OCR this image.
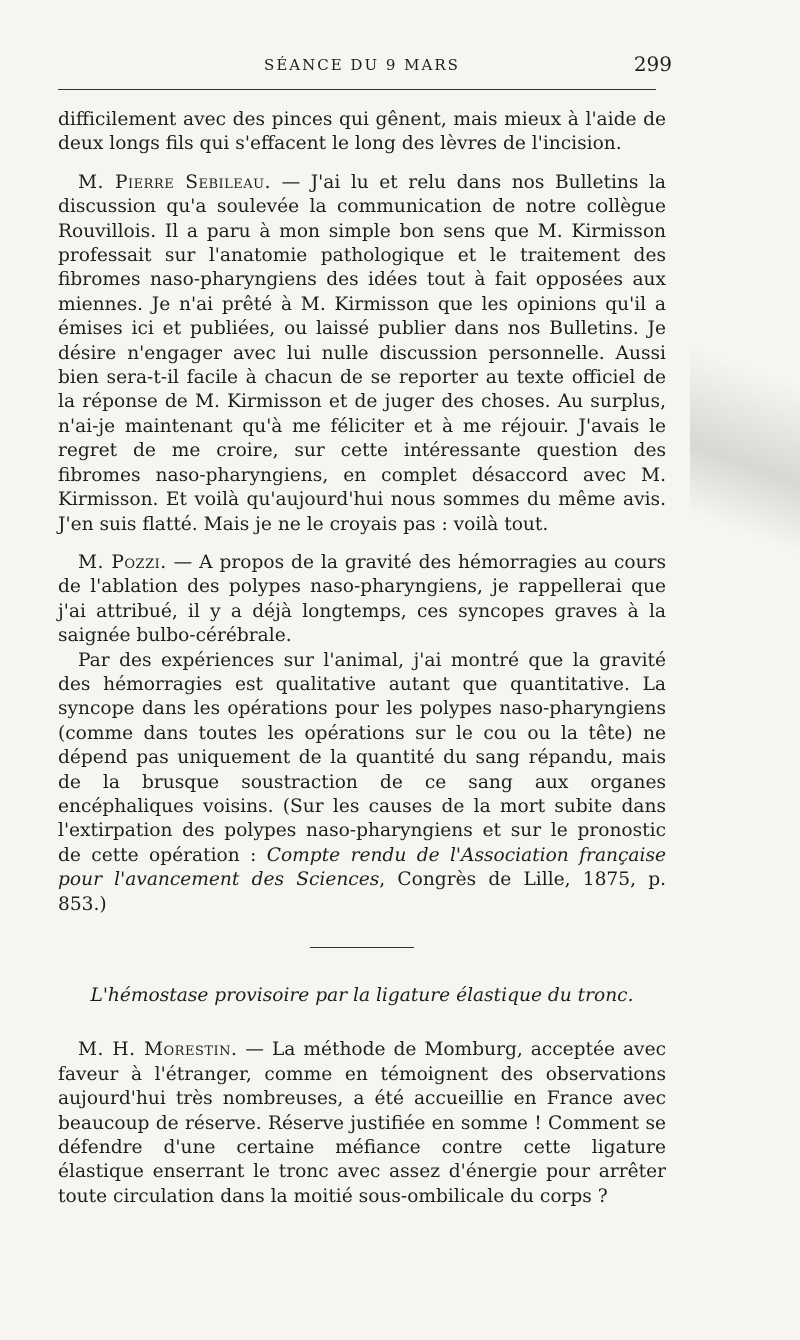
SÉANCE DU 9 MARS	299

difficilement avec des pinces qui gênent, mais mieux à l'aide de deux longs fils qui s'effacent le long des lèvres de l'incision.

M. Pierre Sebileau. — J'ai lu et relu dans nos Bulletins la discussion qu'a soulevée la communication de notre collègue Rouvillois. Il a paru à mon simple bon sens que M. Kirmisson professait sur l'anatomie pathologique et le traitement des fibromes naso-pharyngiens des idées tout à fait opposées aux miennes. Je n'ai prêté à M. Kirmisson que les opinions qu'il a émises ici et publiées, ou laissé publier dans nos Bulletins. Je désire n'engager avec lui nulle discussion personnelle. Aussi bien sera-t-il facile à chacun de se reporter au texte officiel de la réponse de M. Kirmisson et de juger des choses. Au surplus, n'ai-je maintenant qu'à me féliciter et à me réjouir. J'avais le regret de me croire, sur cette intéressante question des fibromes naso-pharyngiens, en complet désaccord avec M. Kirmisson. Et voilà qu'aujourd'hui nous sommes du même avis. J'en suis flatté. Mais je ne le croyais pas : voilà tout.

M. Pozzi. — A propos de la gravité des hémorragies au cours de l'ablation des polypes naso-pharyngiens, je rappellerai que j'ai attribué, il y a déjà longtemps, ces syncopes graves à la saignée bulbo-cérébrale.

Par des expériences sur l'animal, j'ai montré que la gravité des hémorragies est qualitative autant que quantitative. La syncope dans les opérations pour les polypes naso-pharyngiens (comme dans toutes les opérations sur le cou ou la tête) ne dépend pas uniquement de la quantité du sang répandu, mais de la brusque soustraction de ce sang aux organes encéphaliques voisins. (Sur les causes de la mort subite dans l'extirpation des polypes naso-pharyngiens et sur le pronostic de cette opération : Compte rendu de l'Association française pour l'avancement des Sciences, Congrès de Lille, 1875, p. 853.)

L'hémostase provisoire par la ligature élastique du tronc.

M. H. Morestin. — La méthode de Momburg, acceptée avec faveur à l'étranger, comme en témoignent des observations aujourd'hui très nombreuses, a été accueillie en France avec beaucoup de réserve. Réserve justifiée en somme ! Comment se défendre d'une certaine méfiance contre cette ligature élastique enserrant le tronc avec assez d'énergie pour arrêter toute circulation dans la moitié sous-ombilicale du corps ?
